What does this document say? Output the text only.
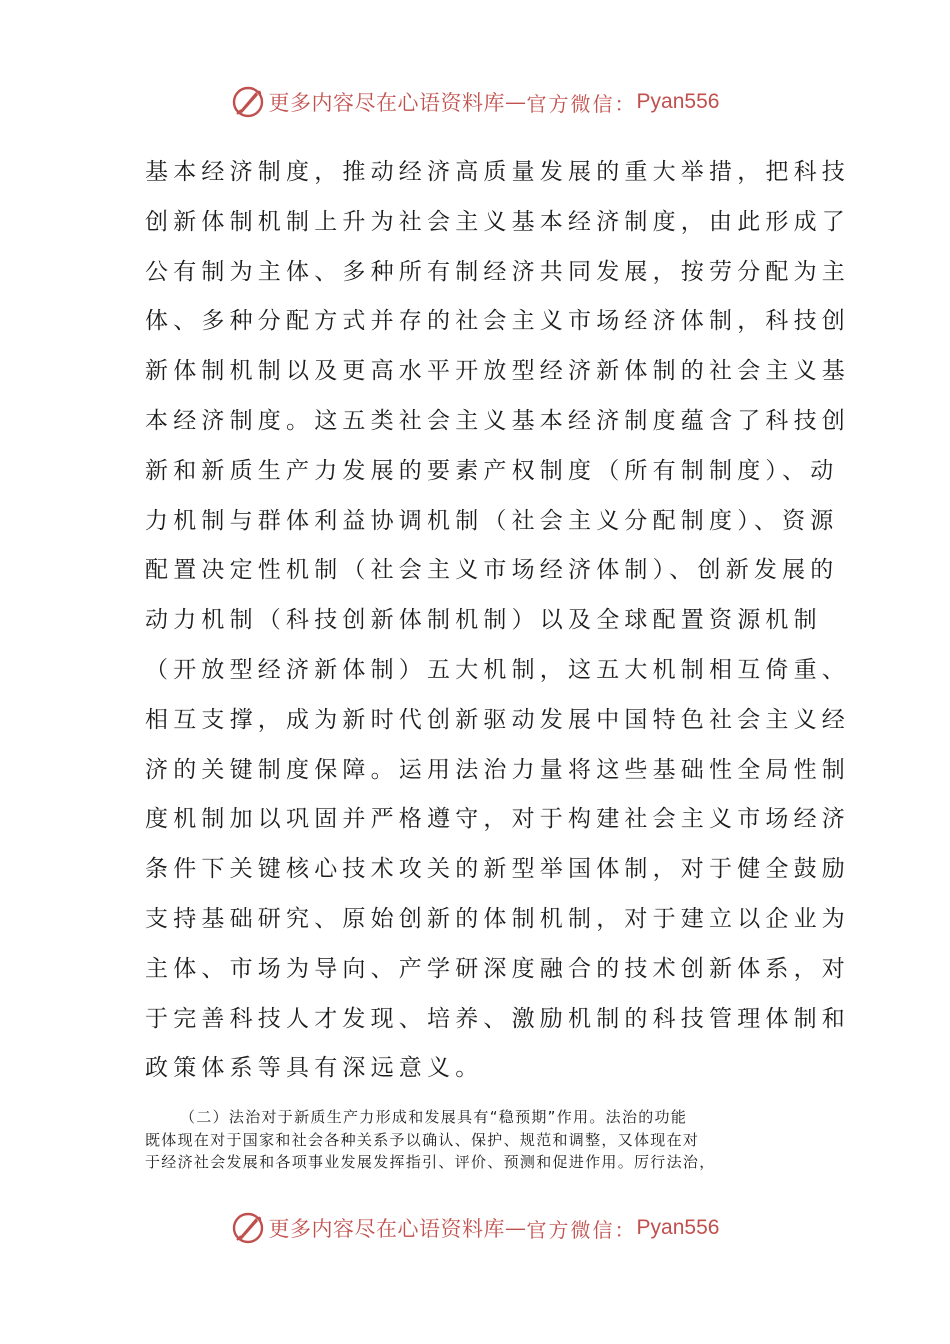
更多内容尽在心语资料库 — 官方微信： Pyan556
基本经济制度，推动经济高质量发展的重大举措，把科技
创新体制机制上升为社会主义基本经济制度，由此形成了
公有制为主体、多种所有制经济共同发展，按劳分配为主
体、多种分配方式并存的社会主义市场经济体制，科技创
新体制机制以及更高水平开放型经济新体制的社会主义基
本经济制度。这五类社会主义基本经济制度蕴含了科技创
新和新质生产力发展的要素产权制度（所有制制度）、动
力机制与群体利益协调机制（社会主义分配制度）、资源
配置决定性机制（社会主义市场经济体制）、创新发展的
动力机制（科技创新体制机制）以及全球配置资源机制
（开放型经济新体制）五大机制，这五大机制相互倚重、
相互支撑，成为新时代创新驱动发展中国特色社会主义经
济的关键制度保障。运用法治力量将这些基础性全局性制
度机制加以巩固并严格遵守，对于构建社会主义市场经济
条件下关键核心技术攻关的新型举国体制，对于健全鼓励
支持基础研究、原始创新的体制机制，对于建立以企业为
主体、市场为导向、产学研深度融合的技术创新体系，对
于完善科技人才发现、培养、激励机制的科技管理体制和
政策体系等具有深远意义。
（二）法治对于新质生产力形成和发展具有“稳预期”作用。法治的功能
既体现在对于国家和社会各种关系予以确认、保护、规范和调整，又体现在对
于经济社会发展和各项事业发展发挥指引、评价、预测和促进作用。厉行法治，
更多内容尽在心语资料库 — 官方微信： Pyan556
